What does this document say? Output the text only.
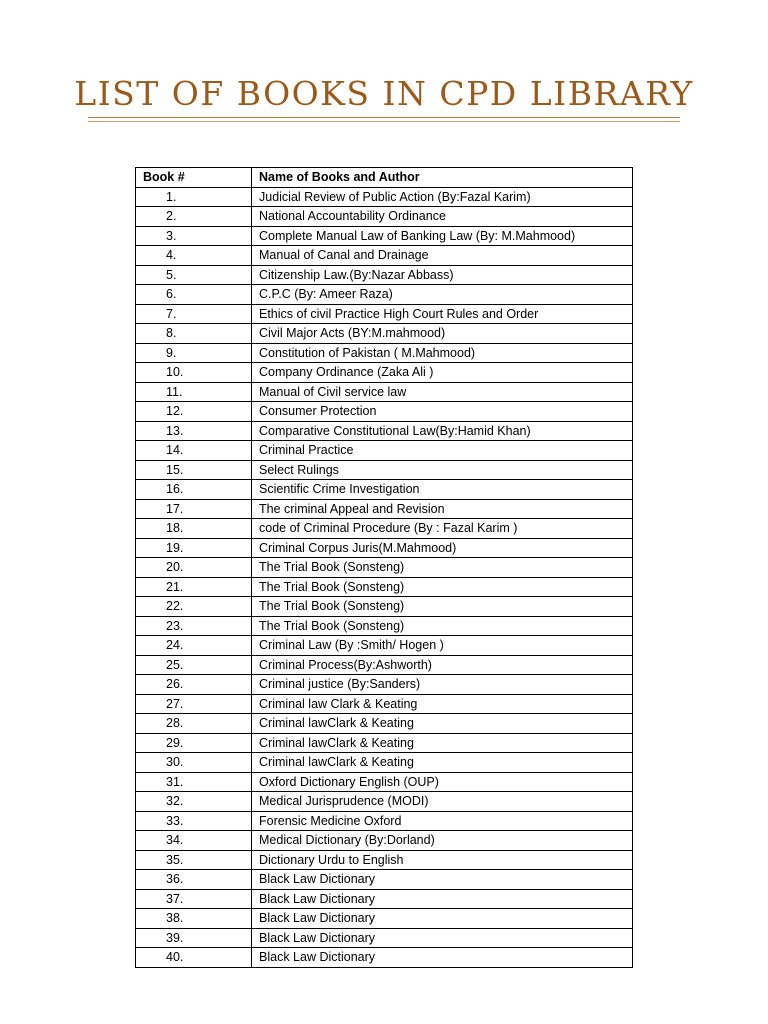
LIST OF BOOKS IN CPD LIBRARY
Book #	Name of Books and Author
1.	Judicial Review of Public Action (By:Fazal Karim)
2.	National Accountability Ordinance
3.	Complete Manual Law of Banking Law (By: M.Mahmood)
4.	Manual of Canal and Drainage
5.	Citizenship Law.(By:Nazar Abbass)
6.	C.P.C (By: Ameer Raza)
7.	Ethics of civil Practice High Court Rules and Order
8.	Civil Major Acts (BY:M.mahmood)
9.	Constitution of Pakistan ( M.Mahmood)
10.	Company Ordinance (Zaka Ali )
11.	Manual of Civil service law
12.	Consumer Protection
13.	Comparative Constitutional Law(By:Hamid Khan)
14.	Criminal Practice
15.	Select Rulings
16.	Scientific Crime Investigation
17.	The criminal Appeal and Revision
18.	code of Criminal Procedure (By : Fazal Karim )
19.	Criminal Corpus Juris(M.Mahmood)
20.	The Trial Book (Sonsteng)
21.	The Trial Book (Sonsteng)
22.	The Trial Book (Sonsteng)
23.	The Trial Book (Sonsteng)
24.	Criminal Law (By :Smith/ Hogen )
25.	Criminal Process(By:Ashworth)
26.	Criminal justice (By:Sanders)
27.	Criminal law Clark & Keating
28.	Criminal lawClark & Keating
29.	Criminal lawClark & Keating
30.	Criminal lawClark & Keating
31.	Oxford Dictionary English (OUP)
32.	Medical Jurisprudence (MODI)
33.	Forensic Medicine Oxford
34.	Medical Dictionary (By:Dorland)
35.	Dictionary Urdu to English
36.	Black Law Dictionary
37.	Black Law Dictionary
38.	Black Law Dictionary
39.	Black Law Dictionary
40.	Black Law Dictionary
